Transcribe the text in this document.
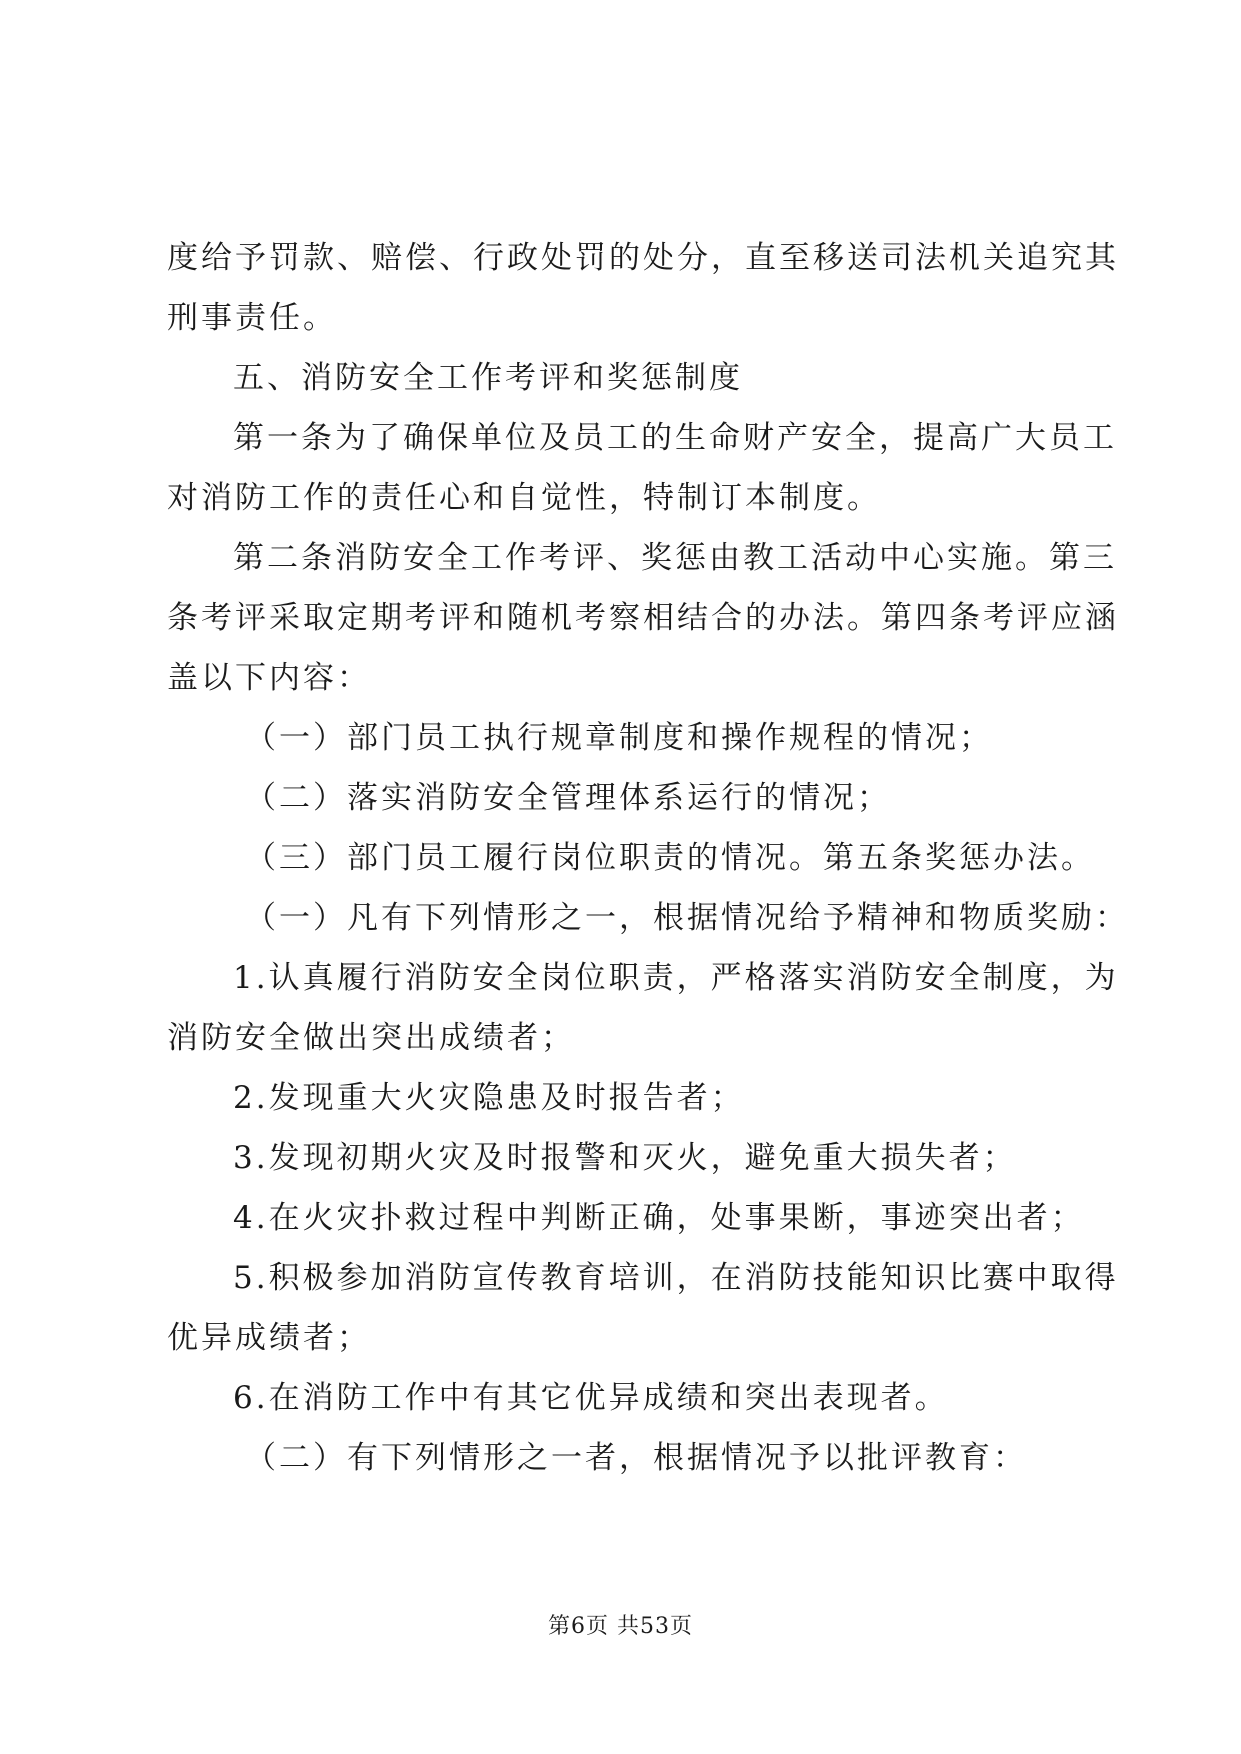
度给予罚款、赔偿、行政处罚的处分，直至移送司法机关追究其

刑事责任。

五、消防安全工作考评和奖惩制度

第一条为了确保单位及员工的生命财产安全，提高广大员工

对消防工作的责任心和自觉性，特制订本制度。

第二条消防安全工作考评、奖惩由教工活动中心实施。第三

条考评采取定期考评和随机考察相结合的办法。第四条考评应涵

盖以下内容：

（一）部门员工执行规章制度和操作规程的情况；

（二）落实消防安全管理体系运行的情况；

（三）部门员工履行岗位职责的情况。第五条奖惩办法。

（一）凡有下列情形之一，根据情况给予精神和物质奖励：

1.认真履行消防安全岗位职责，严格落实消防安全制度，为

消防安全做出突出成绩者；

2.发现重大火灾隐患及时报告者；

3.发现初期火灾及时报警和灭火，避免重大损失者；

4.在火灾扑救过程中判断正确，处事果断，事迹突出者；

5.积极参加消防宣传教育培训，在消防技能知识比赛中取得

优异成绩者；

6.在消防工作中有其它优异成绩和突出表现者。

（二）有下列情形之一者，根据情况予以批评教育：

第6页 共53页
